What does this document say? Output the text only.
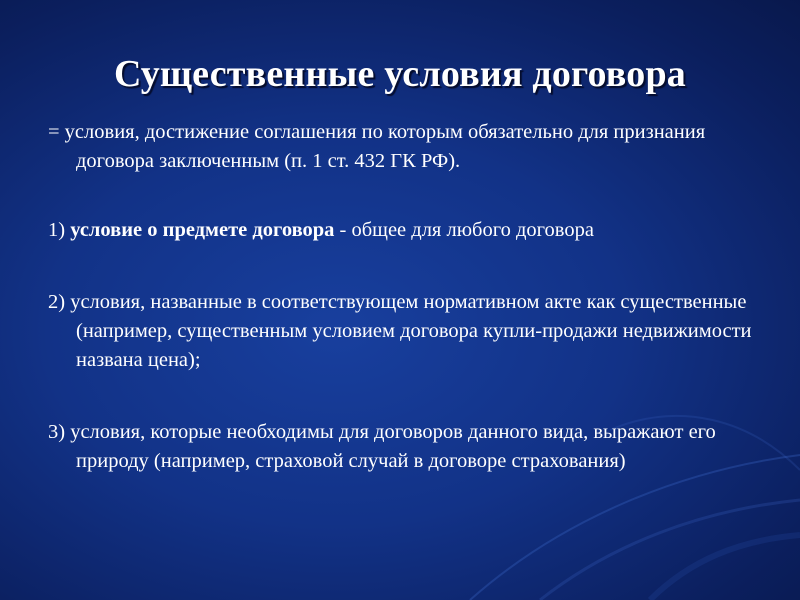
Существенные условия договора

= условия, достижение соглашения по которым обязательно для признания договора заключенным (п. 1 ст. 432 ГК РФ).

1) условие о предмете договора - общее для любого договора

2) условия, названные в соответствующем нормативном акте как существенные (например, существенным условием договора купли-продажи недвижимости названа цена);

3) условия, которые необходимы для договоров данного вида, выражают его природу (например, страховой случай в договоре страхования)
